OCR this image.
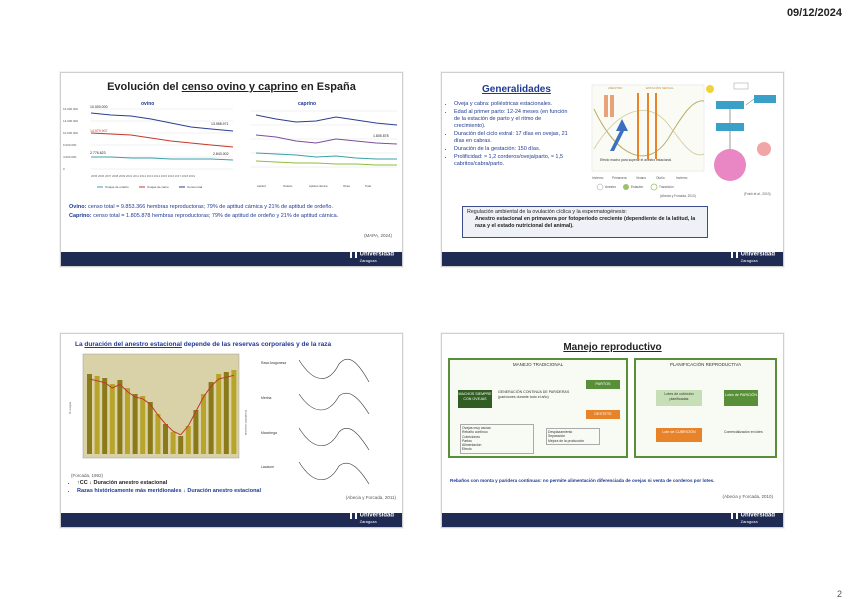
09/12/2024
Evolución del censo ovino y caprino en España
ovino
16.000.000
14.000.000
10.000.000
6.000.000
4.000.000
0
10.000.000
14.979.907
2.776.623
13.958.971
2.843.002
2005 2006 2007 2008 2009 2010 2011 2012 2013 2014 2015 2016 2017 2018 2019
Ovejas de ordeño	Ovejas de carne	Censo total
caprino
1.805.878
Aptitud	Ordeño	Aptitud cárnica	Otras	Total
Ovino: censo total = 9.853.366 hembras reproductoras; 79% de aptitud cárnica y 21% de aptitud de ordeño.
Caprino: censo total = 1.805.878 hembras reproductoras; 79% de aptitud de ordeño y 21% de aptitud cárnica.
(MAPA, 2024)
Universidad
Zaragoza
Generalidades
• Oveja y cabra: poliéstricas estacionales.
• Edad al primer parto: 12-24 meses (en función de la estación de parto y el ritmo de crecimiento).
• Duración del ciclo estral: 17 días en ovejas, 21 días en cabras.
• Duración de la gestación: 150 días.
• Prolificidad: ≈ 1,2 corderos/oveja/parto, ≈ 1,5 cabritos/cabra/parto.
ANESTRO	ESTACIÓN SEXUAL
Efecto macho para superar el anestro estacional.
Invierno	Primavera	Verano	Otoño	Invierno
Anestro	Estación	Transición
(Abecia y Forcada, 2010)	(Folch et al., 2010)
Regulación ambiental de la ovulación cíclica y la espermatogénesis:
Anestro estacional en primavera por fotoperiodo creciente (dependiente de la latitud, la raza y el estado nutricional del animal).
Universidad
Zaragoza
La duración del anestro estacional depende de las reservas corporales y de la raza
% ovejas
Condición corporal
(Forcada, 1992)
Rasa Aragonesa
Merina
Manchega
Lacaune
• ↑CC ↓ Duración anestro estacional
• Razas históricamente más meridionales ↓ Duración anestro estacional
(Abecia y Forcada, 2011)
Universidad
Zaragoza
Manejo reproductivo
MANEJO TRADICIONAL
MACHOS SIEMPRE CON OVEJAS
GENERACIÓN CONTINUA DE PARIDERAS (pariciones durante todo el año)
PARTOS
DESTETE
Ovejas muy vacías
Rebaño continuo
Cubriciones
Partos
Alimentación
Efecto
Desplazamiento
Separación
Mejora de la producción
PLANIFICACIÓN REPRODUCTIVA
Lotes de cubrición planificadas
Lotes de PARICIÓN
Lote de CUBRICIÓN	Comercialización en lotes
Rebaños con monta y paridera continuas: no permite alimentación diferenciada de ovejas ni venta de corderos por lotes.
(Abecia y Forcada, 2010)
Universidad
Zaragoza
2
